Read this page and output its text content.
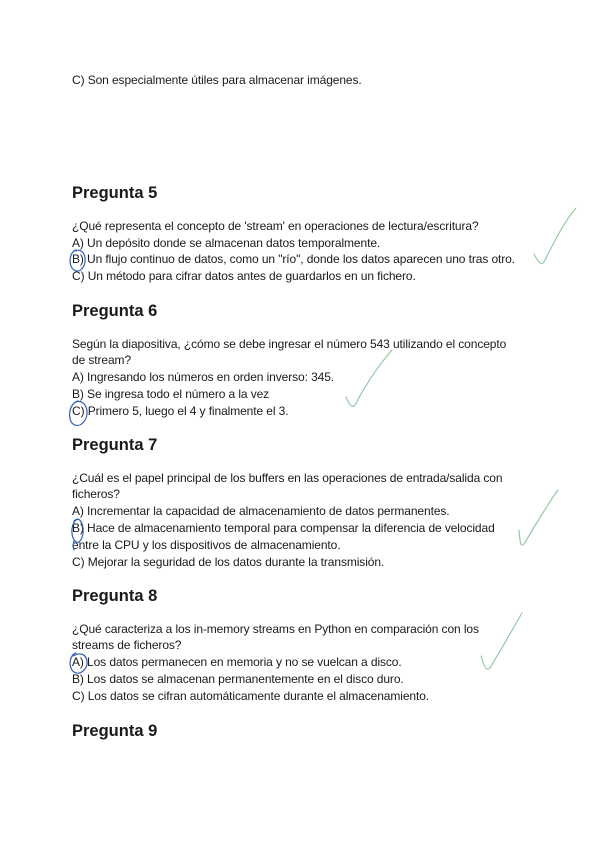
C) Son especialmente útiles para almacenar imágenes.
Pregunta 5
¿Qué representa el concepto de 'stream' en operaciones de lectura/escritura?
A) Un depósito donde se almacenan datos temporalmente.
B) Un flujo continuo de datos, como un "río", donde los datos aparecen uno tras otro.
C) Un método para cifrar datos antes de guardarlos en un fichero.
Pregunta 6
Según la diapositiva, ¿cómo se debe ingresar el número 543 utilizando el concepto
de stream?
A) Ingresando los números en orden inverso: 345.
B) Se ingresa todo el número a la vez
C) Primero 5, luego el 4 y finalmente el 3.
Pregunta 7
¿Cuál es el papel principal de los buffers en las operaciones de entrada/salida con
ficheros?
A) Incrementar la capacidad de almacenamiento de datos permanentes.
B) Hace de almacenamiento temporal para compensar la diferencia de velocidad
entre la CPU y los dispositivos de almacenamiento.
C) Mejorar la seguridad de los datos durante la transmisión.
Pregunta 8
¿Qué caracteriza a los in-memory streams en Python en comparación con los
streams de ficheros?
A) Los datos permanecen en memoria y no se vuelcan a disco.
B) Los datos se almacenan permanentemente en el disco duro.
C) Los datos se cifran automáticamente durante el almacenamiento.
Pregunta 9
